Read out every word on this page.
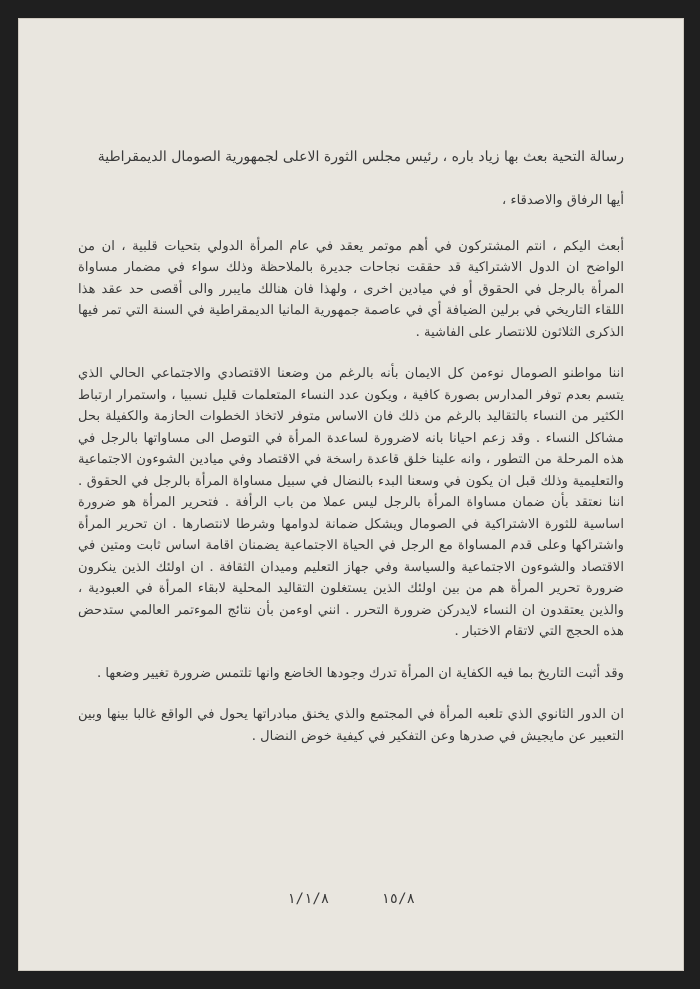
رسالة التحية بعث بها زياد باره ، رئيس مجلس الثورة الاعلى لجمهورية الصومال الديمقراطية

أيها الرفاق والاصدقاء ،

أبعث اليكم ، انتم المشتركون في أهم موتمر يعقد في عام المرأة الدولي بتحيات قلبية ، ان من الواضح ان الدول الاشتراكية قد حققت نجاحات جديرة بالملاحظة وذلك سواء في مضمار مساواة المرأة بالرجل في الحقوق أو في ميادين اخرى ، ولهذا فان هنالك مايبرر والى أقصى حد عقد هذا اللقاء التاريخي في برلين الضيافة أي في عاصمة جمهورية المانيا الديمقراطية في السنة التي تمر فيها الذكرى الثلاثون للانتصار على الفاشية .

اننا مواطنو الصومال نوءمن كل الايمان بأنه بالرغم من وضعنا الاقتصادي والاجتماعي الحالي الذي يتسم بعدم توفر المدارس بصورة كافية ، ويكون عدد النساء المتعلمات قليل نسبيا ، واستمرار ارتباط الكثير من النساء بالتقاليد بالرغم من ذلك فان الاساس متوفر لاتخاذ الخطوات الحازمة والكفيلة بحل مشاكل النساء . وقد زعم احيانا بانه لاضرورة لساعدة المرأة في التوصل الى مساواتها بالرجل في هذه المرحلة من التطور ، وانه علينا خلق قاعدة راسخة في الاقتصاد وفي ميادين الشوءون الاجتماعية والتعليمية وذلك قبل ان يكون في وسعنا البدء بالنضال في سبيل مساواة المرأة بالرجل في الحقوق . اننا نعتقد بأن ضمان مساواة المرأة بالرجل ليس عملا من باب الرأفة . فتحرير المرأة هو ضرورة اساسية للثورة الاشتراكية في الصومال ويشكل ضمانة لدوامها وشرطا لانتصارها . ان تحرير المرأة واشتراكها وعلى قدم المساواة مع الرجل في الحياة الاجتماعية يضمنان اقامة اساس ثابت ومتين في الاقتصاد والشوءون الاجتماعية والسياسة وفي جهاز التعليم وميدان الثقافة . ان اولئك الذين ينكرون ضرورة تحرير المرأة هم من بين اولئك الذين يستغلون التقاليد المحلية لابقاء المرأة في العبودية ، والذين يعتقدون ان النساء لايدركن ضرورة التحرر . انني اوءمن بأن نتائج الموءتمر العالمي ستدحض هذه الحجج التي لاتقام الاختبار .

وقد أثبت التاريخ بما فيه الكفاية ان المرأة تدرك وجودها الخاضع وانها تلتمس ضرورة تغيير وضعها .

ان الدور الثانوي الذي تلعبه المرأة في المجتمع والذي يخنق مبادراتها يحول في الواقع غالبا بينها وبين التعبير عن مايجيش في صدرها وعن التفكير في كيفية خوض النضال .

١/١/٨	١٥/٨
